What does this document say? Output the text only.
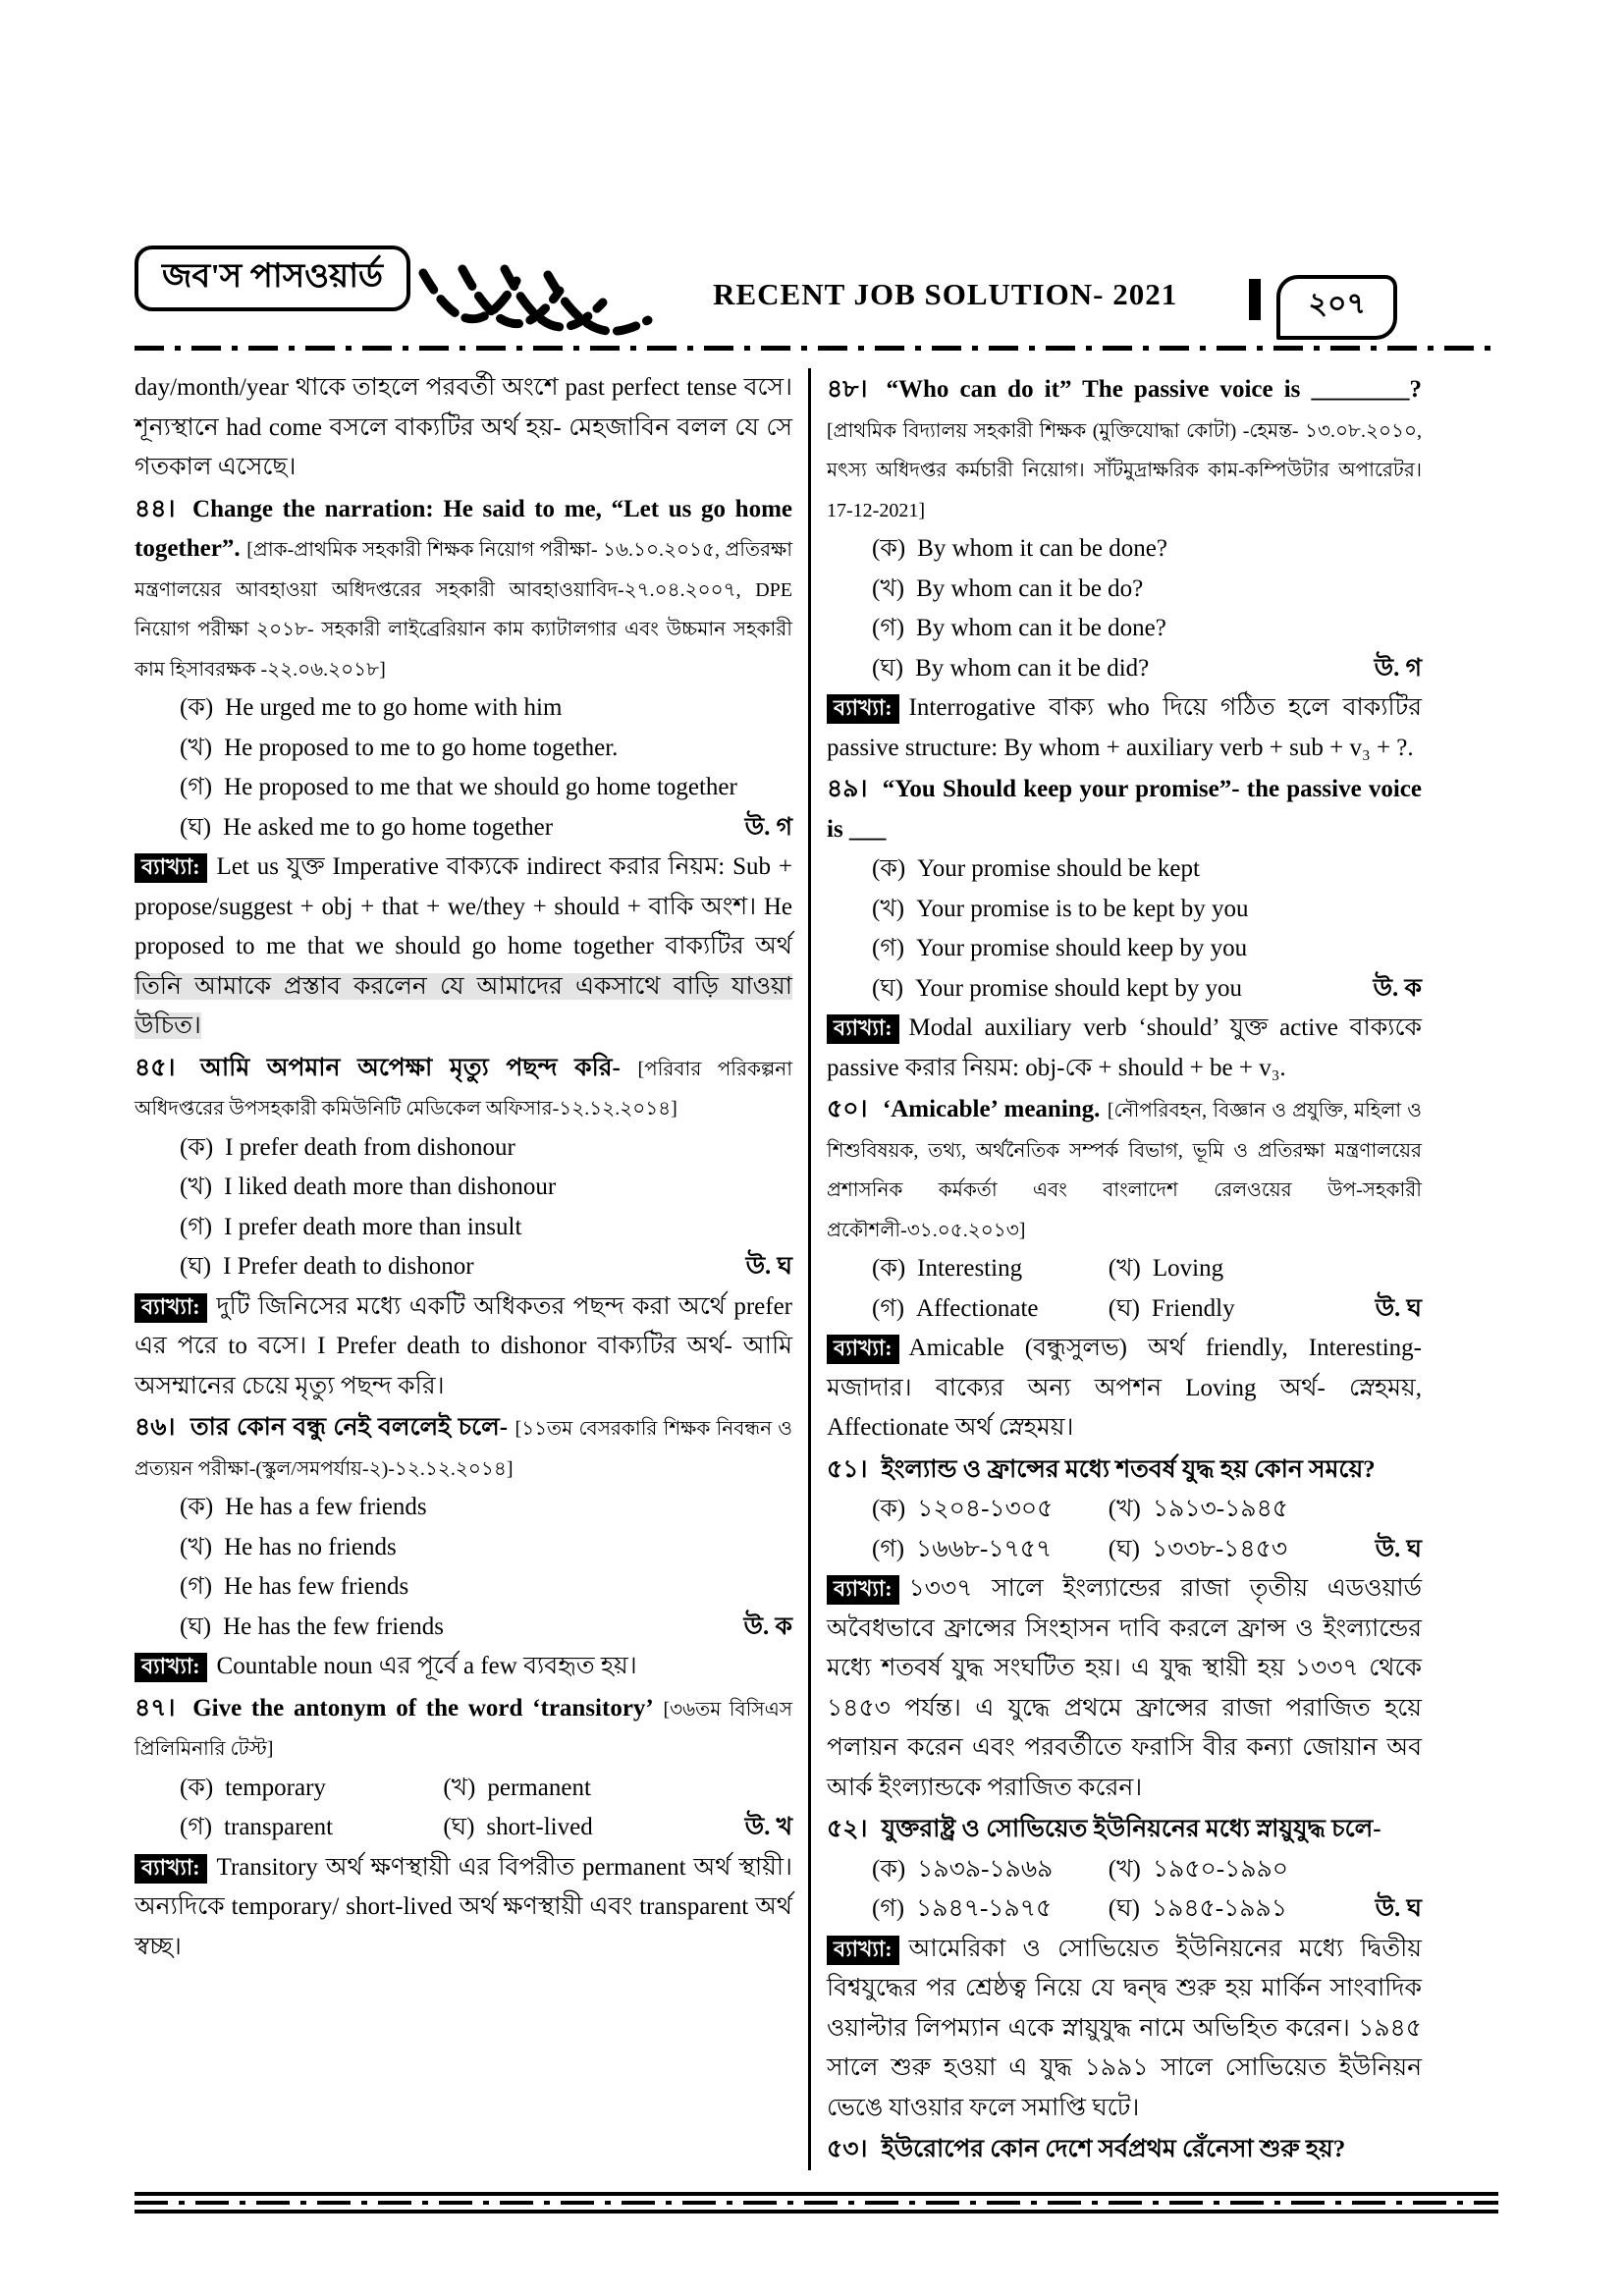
জব'স পাসওয়ার্ড	RECENT JOB SOLUTION- 2021	২০৭

day/month/year থাকে তাহলে পরবর্তী অংশে past perfect tense বসে। শূন্যস্থানে had come বসলে বাক্যটির অর্থ হয়- মেহজাবিন বলল যে সে গতকাল এসেছে।

৪৪। Change the narration: He said to me, “Let us go home together”. [প্রাক-প্রাথমিক সহকারী শিক্ষক নিয়োগ পরীক্ষা- ১৬.১০.২০১৫, প্রতিরক্ষা মন্ত্রণালয়ের আবহাওয়া অধিদপ্তরের সহকারী আবহাওয়াবিদ-২৭.০৪.২০০৭, DPE নিয়োগ পরীক্ষা ২০১৮- সহকারী লাইব্রেরিয়ান কাম ক্যাটালগার এবং উচ্চমান সহকারী কাম হিসাবরক্ষক -২২.০৬.২০১৮]

(ক) He urged me to go home with him
(খ) He proposed to me to go home together.
(গ) He proposed to me that we should go home together
(ঘ) He asked me to go home together	উ. গ

ব্যাখ্যা: Let us যুক্ত Imperative বাক্যকে indirect করার নিয়ম: Sub + propose/suggest + obj + that + we/they + should + বাকি অংশ। He proposed to me that we should go home together বাক্যটির অর্থ তিনি আমাকে প্রস্তাব করলেন যে আমাদের একসাথে বাড়ি যাওয়া উচিত।

৪৫। আমি অপমান অপেক্ষা মৃত্যু পছন্দ করি- [পরিবার পরিকল্পনা অধিদপ্তরের উপসহকারী কমিউনিটি মেডিকেল অফিসার-১২.১২.২০১৪]

(ক) I prefer death from dishonour
(খ) I liked death more than dishonour
(গ) I prefer death more than insult
(ঘ) I Prefer death to dishonor	উ. ঘ

ব্যাখ্যা: দুটি জিনিসের মধ্যে একটি অধিকতর পছন্দ করা অর্থে prefer এর পরে to বসে। I Prefer death to dishonor বাক্যটির অর্থ- আমি অসম্মানের চেয়ে মৃত্যু পছন্দ করি।

৪৬। তার কোন বন্ধু নেই বললেই চলে- [১১তম বেসরকারি শিক্ষক নিবন্ধন ও প্রত্যয়ন পরীক্ষা-(স্কুল/সমপর্যায়-২)-১২.১২.২০১৪]

(ক) He has a few friends
(খ) He has no friends
(গ) He has few friends
(ঘ) He has the few friends	উ. ক

ব্যাখ্যা: Countable noun এর পূর্বে a few ব্যবহৃত হয়।

৪৭। Give the antonym of the word ‘transitory’ [৩৬তম বিসিএস প্রিলিমিনারি টেস্ট]

(ক) temporary	(খ) permanent
(গ) transparent	(ঘ) short-lived	উ. খ

ব্যাখ্যা: Transitory অর্থ ক্ষণস্থায়ী এর বিপরীত permanent অর্থ স্থায়ী। অন্যদিকে temporary/ short-lived অর্থ ক্ষণস্থায়ী এবং transparent অর্থ স্বচ্ছ।

৪৮। “Who can do it” The passive voice is ________? [প্রাথমিক বিদ্যালয় সহকারী শিক্ষক (মুক্তিযোদ্ধা কোটা) -হেমন্ত- ১৩.০৮.২০১০, মৎস্য অধিদপ্তর কর্মচারী নিয়োগ। সাঁটমুদ্রাক্ষরিক কাম-কম্পিউটার অপারেটর। 17-12-2021]

(ক) By whom it can be done?
(খ) By whom can it be do?
(গ) By whom can it be done?
(ঘ) By whom can it be did?	উ. গ

ব্যাখ্যা: Interrogative বাক্য who দিয়ে গঠিত হলে বাক্যটির passive structure: By whom + auxiliary verb + sub + v₃ + ?.

৪৯। “You Should keep your promise”- the passive voice is ___

(ক) Your promise should be kept
(খ) Your promise is to be kept by you
(গ) Your promise should keep by you
(ঘ) Your promise should kept by you	উ. ক

ব্যাখ্যা: Modal auxiliary verb ‘should’ যুক্ত active বাক্যকে passive করার নিয়ম: obj-কে + should + be + v₃.

৫০। ‘Amicable’ meaning. [নৌপরিবহন, বিজ্ঞান ও প্রযুক্তি, মহিলা ও শিশুবিষয়ক, তথ্য, অর্থনৈতিক সম্পর্ক বিভাগ, ভূমি ও প্রতিরক্ষা মন্ত্রণালয়ের প্রশাসনিক কর্মকর্তা এবং বাংলাদেশ রেলওয়ের উপ-সহকারী প্রকৌশলী-৩১.০৫.২০১৩]

(ক) Interesting	(খ) Loving
(গ) Affectionate	(ঘ) Friendly	উ. ঘ

ব্যাখ্যা: Amicable (বন্ধুসুলভ) অর্থ friendly, Interesting- মজাদার। বাক্যের অন্য অপশন Loving অর্থ- স্নেহময়, Affectionate অর্থ স্নেহময়।

৫১। ইংল্যান্ড ও ফ্রান্সের মধ্যে শতবর্ষ যুদ্ধ হয় কোন সময়ে?

(ক) ১২০৪-১৩০৫ (খ) ১৯১৩-১৯৪৫
(গ) ১৬৬৮-১৭৫৭ (ঘ) ১৩৩৮-১৪৫৩	উ. ঘ

ব্যাখ্যা: ১৩৩৭ সালে ইংল্যান্ডের রাজা তৃতীয় এডওয়ার্ড অবৈধভাবে ফ্রান্সের সিংহাসন দাবি করলে ফ্রান্স ও ইংল্যান্ডের মধ্যে শতবর্ষ যুদ্ধ সংঘটিত হয়। এ যুদ্ধ স্থায়ী হয় ১৩৩৭ থেকে ১৪৫৩ পর্যন্ত। এ যুদ্ধে প্রথমে ফ্রান্সের রাজা পরাজিত হয়ে পলায়ন করেন এবং পরবর্তীতে ফরাসি বীর কন্যা জোয়ান অব আর্ক ইংল্যান্ডকে পরাজিত করেন।

৫২। যুক্তরাষ্ট্র ও সোভিয়েত ইউনিয়নের মধ্যে স্নায়ুযুদ্ধ চলে-

(ক) ১৯৩৯-১৯৬৯ (খ) ১৯৫০-১৯৯০
(গ) ১৯৪৭-১৯৭৫ (ঘ) ১৯৪৫-১৯৯১	উ. ঘ

ব্যাখ্যা: আমেরিকা ও সোভিয়েত ইউনিয়নের মধ্যে দ্বিতীয় বিশ্বযুদ্ধের পর শ্রেষ্ঠত্ব নিয়ে যে দ্বন্দ্ব শুরু হয় মার্কিন সাংবাদিক ওয়াল্টার লিপম্যান একে স্নায়ুযুদ্ধ নামে অভিহিত করেন। ১৯৪৫ সালে শুরু হওয়া এ যুদ্ধ ১৯৯১ সালে সোভিয়েত ইউনিয়ন ভেঙে যাওয়ার ফলে সমাপ্তি ঘটে।

৫৩। ইউরোপের কোন দেশে সর্বপ্রথম রেঁনেসা শুরু হয়?
